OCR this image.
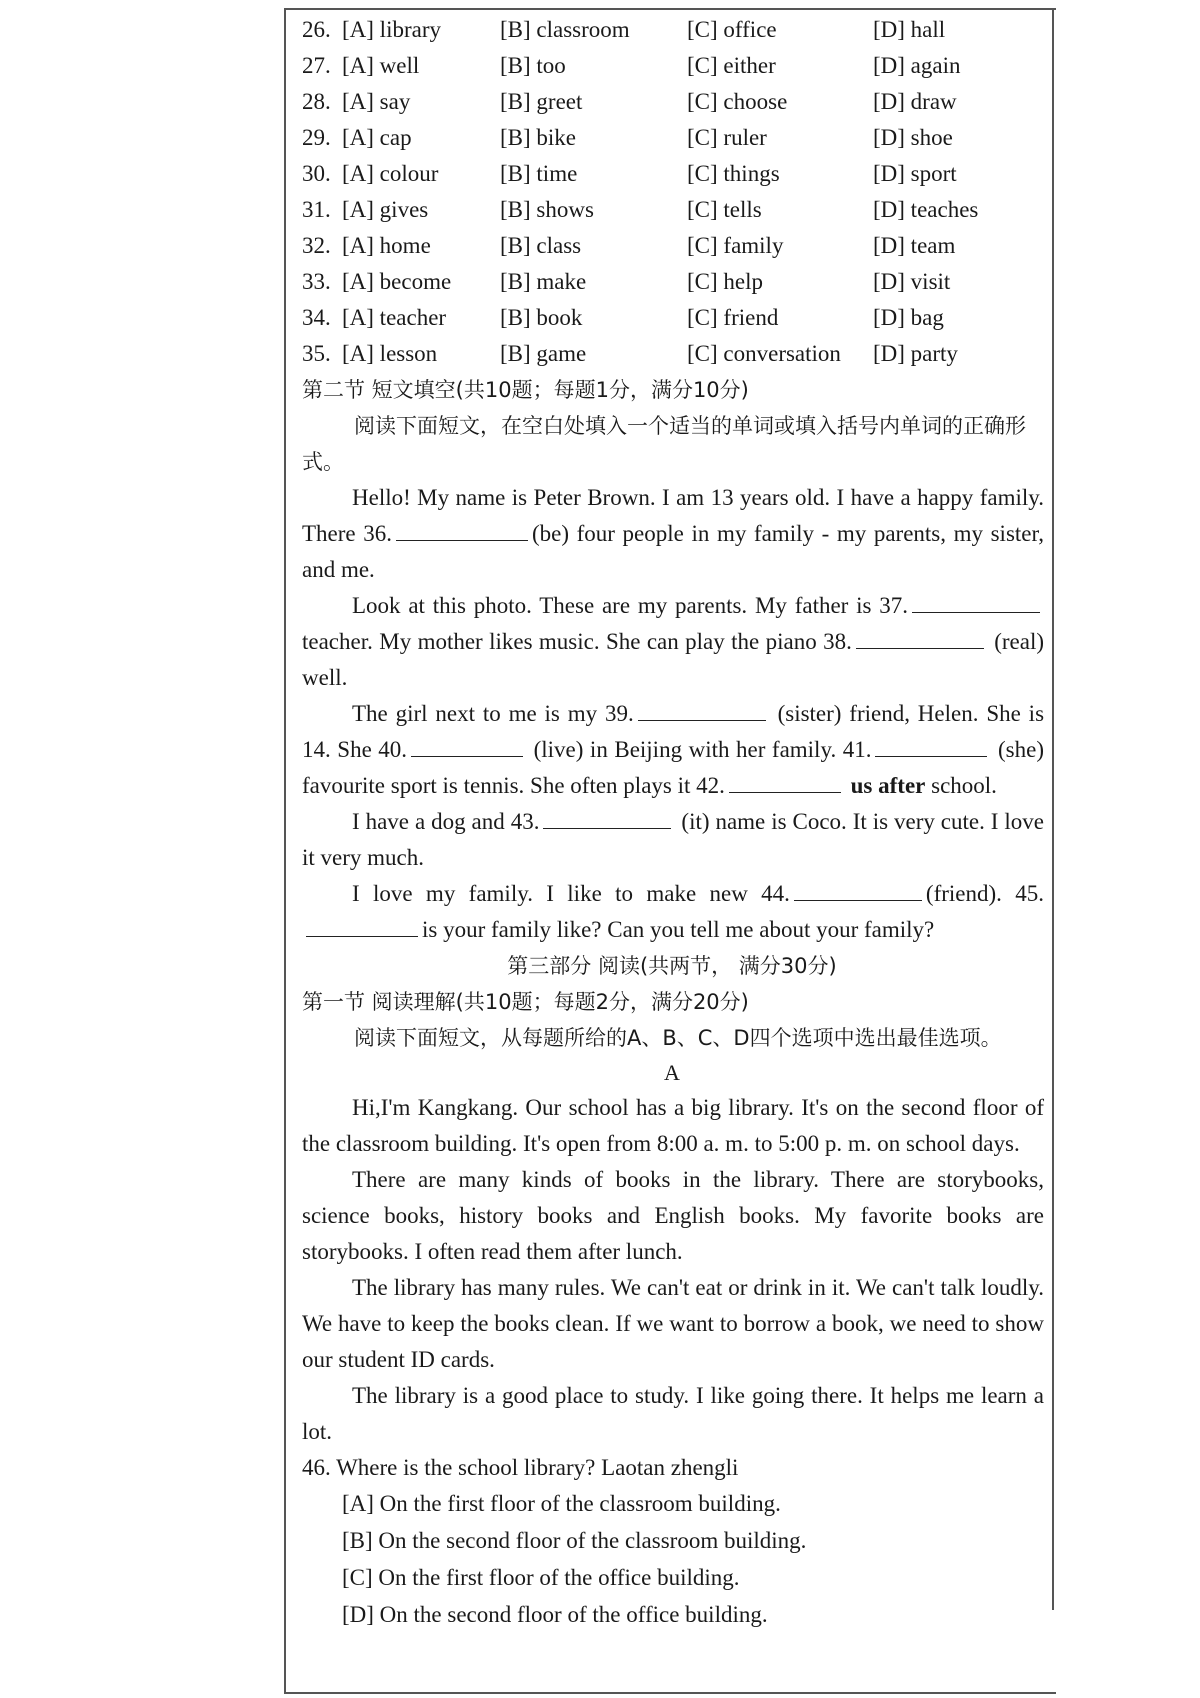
26. [A] library	[B] classroom [C] office	[D] hall
27. [A] well	[B] too	[C] either	[D] again
28. [A] say	[B] greet	[C] choose	[D] draw
29. [A] cap	[B] bike	[C] ruler	[D] shoe
30. [A] colour	[B] time	[C] things	[D] sport
31. [A] gives	[B] shows	[C] tells	[D] teaches
32. [A] home	[B] class	[C] family	[D] team
33. [A] become [B] make	[C] help	[D] visit
34. [A] teacher [B] book	[C] friend	[D] bag
35. [A] lesson	[B] game	[C] conversation [D] party
第二节 短文填空(共10题；每题1分，满分10分)

阅读下面短文，在空白处填入一个适当的单词或填入括号内单词的正确形式。

Hello! My name is Peter Brown. I am 13 years old. I have a happy family. There 36.	(be) four people in my family - my parents, my sister, and me.

Look at this photo. These are my parents. My father is 37. teacher. My mother likes music. She can play the piano 38.	(real) well.

The girl next to me is my 39.	(sister) friend, Helen. She is 14. She 40.	(live) in Beijing with her family. 41.	(she) favourite sport is tennis. She often plays it 42.	us after school.

I have a dog and 43.	(it) name is Coco. It is very cute. I love it very much.

I love my family. I like to make new 44.	(friend). 45.is your family like? Can you tell me about your family?

第三部分 阅读(共两节， 满分30分)
第一节 阅读理解(共10题；每题2分，满分20分)
阅读下面短文，从每题所给的A、B、C、D四个选项中选出最佳选项。
A

Hi,I'm Kangkang. Our school has a big library. It's on the second floor of the classroom building. It's open from 8:00 a. m. to 5:00 p. m. on school days.

There are many kinds of books in the library. There are storybooks, science books, history books and English books. My favorite books are storybooks. I often read them after lunch.

The library has many rules. We can't eat or drink in it. We can't talk loudly. We have to keep the books clean. If we want to borrow a book, we need to show our student ID cards.

The library is a good place to study. I like going there. It helps me learn a lot.

46. Where is the school library? Laotan zhengli

[A] On the first floor of the classroom building.
[B] On the second floor of the classroom building.
[C] On the first floor of the office building.
[D] On the second floor of the office building.
